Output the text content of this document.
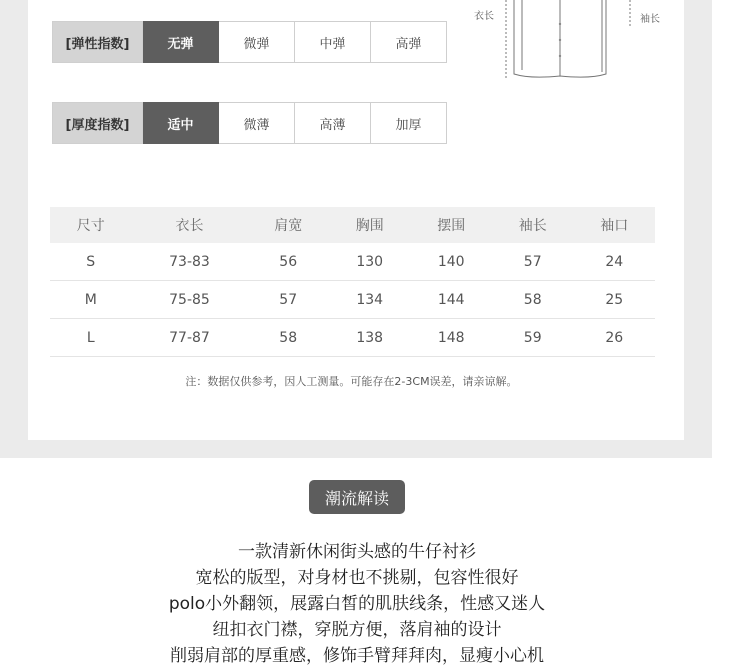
[弹性指数]	无弹	微弹	中弹	高弹
[厚度指数]	适中	微薄	高薄	加厚
衣长	袖长
尺寸	衣长	肩宽	胸围	摆围	袖长	袖口
S	73-83	56	130	140	57	24
M	75-85	57	134	144	58	25
L	77-87	58	138	148	59	26
注：数据仅供参考，因人工测量。可能存在2-3CM误差，请亲谅解。
潮流解读
一款清新休闲街头感的牛仔衬衫
宽松的版型，对身材也不挑剔，包容性很好
polo小外翻领，展露白皙的肌肤线条，性感又迷人
纽扣衣门襟，穿脱方便，落肩袖的设计
削弱肩部的厚重感，修饰手臂拜拜肉，显瘦小心机
